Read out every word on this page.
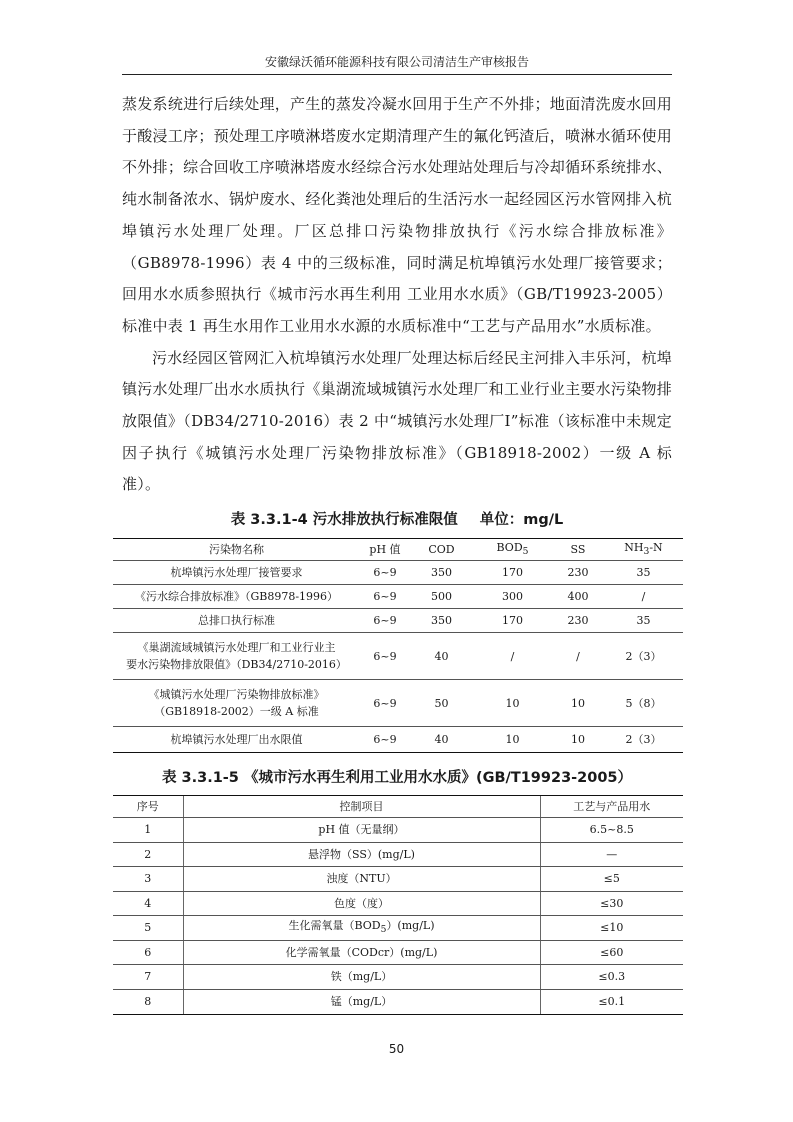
安徽绿沃循环能源科技有限公司清洁生产审核报告

蒸发系统进行后续处理，产生的蒸发冷凝水回用于生产不外排；地面清洗废水回用于酸浸工序；预处理工序喷淋塔废水定期清理产生的氟化钙渣后，喷淋水循环使用不外排；综合回收工序喷淋塔废水经综合污水处理站处理后与冷却循环系统排水、纯水制备浓水、锅炉废水、经化粪池处理后的生活污水一起经园区污水管网排入杭埠镇污水处理厂处理。厂区总排口污染物排放执行《污水综合排放标准》（GB8978-1996）表 4 中的三级标准，同时满足杭埠镇污水处理厂接管要求；回用水水质参照执行《城市污水再生利用 工业用水水质》（GB/T19923-2005）标准中表 1 再生水用作工业用水水源的水质标准中“工艺与产品用水”水质标准。

污水经园区管网汇入杭埠镇污水处理厂处理达标后经民主河排入丰乐河，杭埠镇污水处理厂出水水质执行《巢湖流域城镇污水处理厂和工业行业主要水污染物排放限值》（DB34/2710-2016）表 2 中“城镇污水处理厂Ⅰ”标准（该标准中未规定因子执行《城镇污水处理厂污染物排放标准》（GB18918-2002）一级 A 标准）。

表 3.3.1-4 污水排放执行标准限值 单位：mg/L
污染物名称	pH 值	COD	$BOD_5$	SS	$NH_3-N$
杭埠镇污水处理厂接管要求	6~9	350	170	230	35
《污水综合排放标准》（GB8978-1996）	6~9	500	300	400	/
总排口执行标准	6~9	350	170	230	35
《巢湖流域城镇污水处理厂和工业行业主
要水污染物排放限值》（DB34/2710-2016）	6~9	40	/	/	2（3）
《城镇污水处理厂污染物排放标准》
（GB18918-2002）一级 A 标准	6~9	50	10	10	5（8）
杭埠镇污水处理厂出水限值	6~9	40	10	10	2（3）
表 3.3.1-5 《城市污水再生利用工业用水水质》(GB/T19923-2005）
序号	控制项目	工艺与产品用水
1	pH 值（无量纲）	6.5~8.5
2	悬浮物（SS）(mg/L)	—
3	浊度（NTU）	≤5
4	色度（度）	≤30
5	生化需氧量$(BOD_5)(mg/L)$	≤10
6	化学需氧量（CODcr）(mg/L)	≤60
7	铁（mg/L）	≤0.3
8	锰（mg/L）	≤0.1
50
